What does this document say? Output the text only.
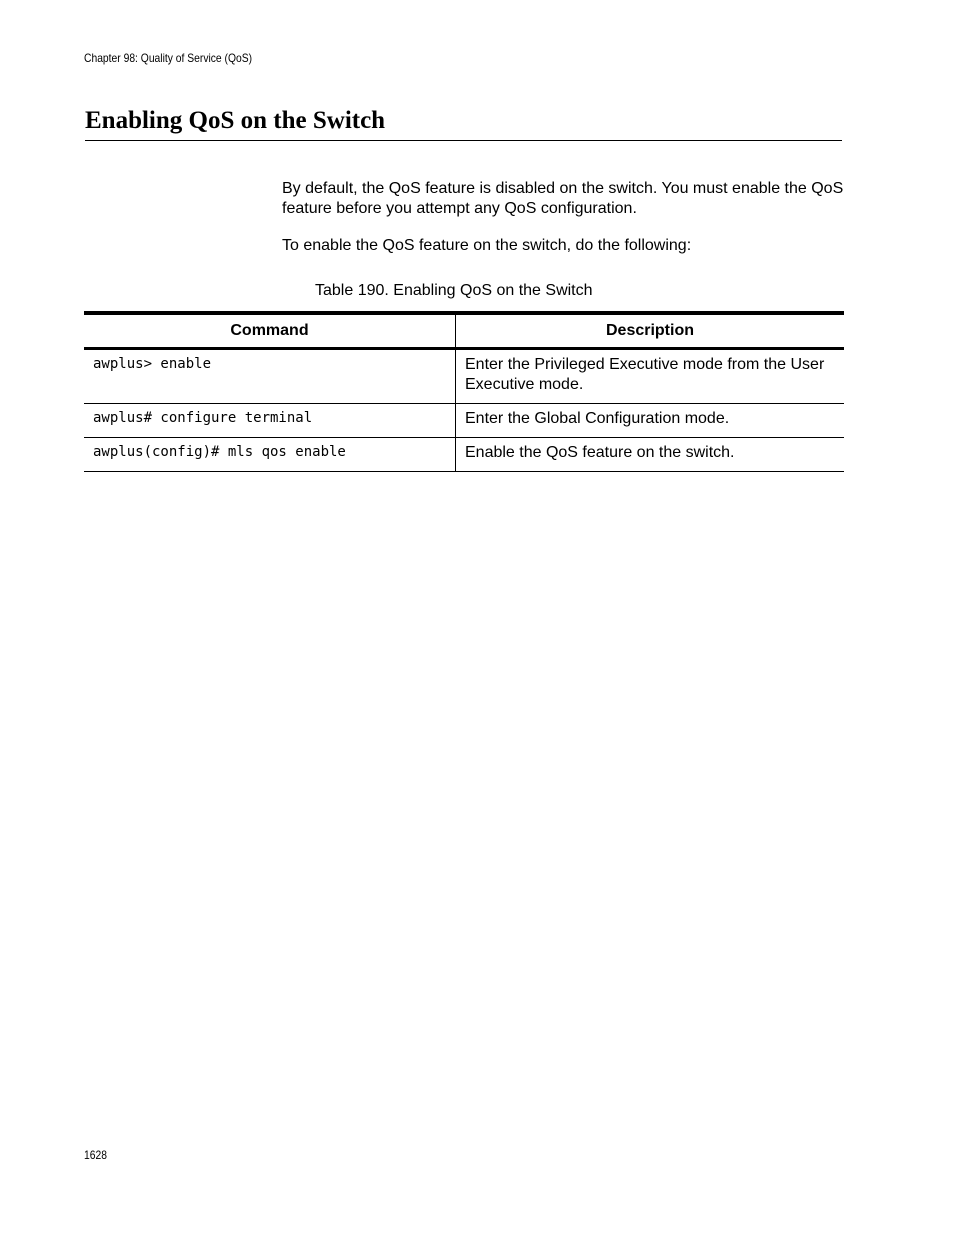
Chapter 98: Quality of Service (QoS)
Enabling QoS on the Switch

By default, the QoS feature is disabled on the switch. You must enable the QoS feature before you attempt any QoS configuration.

To enable the QoS feature on the switch, do the following:

Table 190. Enabling QoS on the Switch

Command	Description
awplus> enable	Enter the Privileged Executive mode from the User Executive mode.
awplus# configure terminal	Enter the Global Configuration mode.
awplus(config)# mls qos enable	Enable the QoS feature on the switch.
1628
